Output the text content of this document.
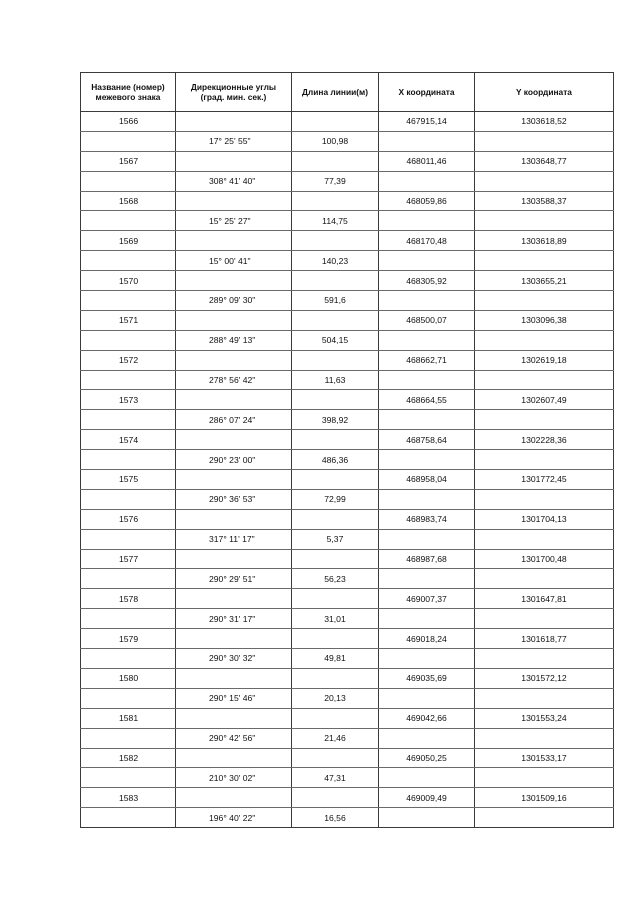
Название (номер) межевого знака	Дирекционные углы (град. мин. сек.)	Длина линии(м)	X координата	Y координата
1566			467915,14	1303618,52
	17° 25' 55"	100,98		
1567			468011,46	1303648,77
	308° 41' 40"	77,39		
1568			468059,86	1303588,37
	15° 25' 27"	114,75		
1569			468170,48	1303618,89
	15° 00' 41"	140,23		
1570			468305,92	1303655,21
	289° 09' 30"	591,6		
1571			468500,07	1303096,38
	288° 49' 13"	504,15		
1572			468662,71	1302619,18
	278° 56' 42"	11,63		
1573			468664,55	1302607,49
	286° 07' 24"	398,92		
1574			468758,64	1302228,36
	290° 23' 00"	486,36		
1575			468958,04	1301772,45
	290° 36' 53"	72,99		
1576			468983,74	1301704,13
	317° 11' 17"	5,37		
1577			468987,68	1301700,48
	290° 29' 51"	56,23		
1578			469007,37	1301647,81
	290° 31' 17"	31,01		
1579			469018,24	1301618,77
	290° 30' 32"	49,81		
1580			469035,69	1301572,12
	290° 15' 46"	20,13		
1581			469042,66	1301553,24
	290° 42' 56"	21,46		
1582			469050,25	1301533,17
	210° 30' 02"	47,31		
1583			469009,49	1301509,16
	196° 40' 22"	16,56		
